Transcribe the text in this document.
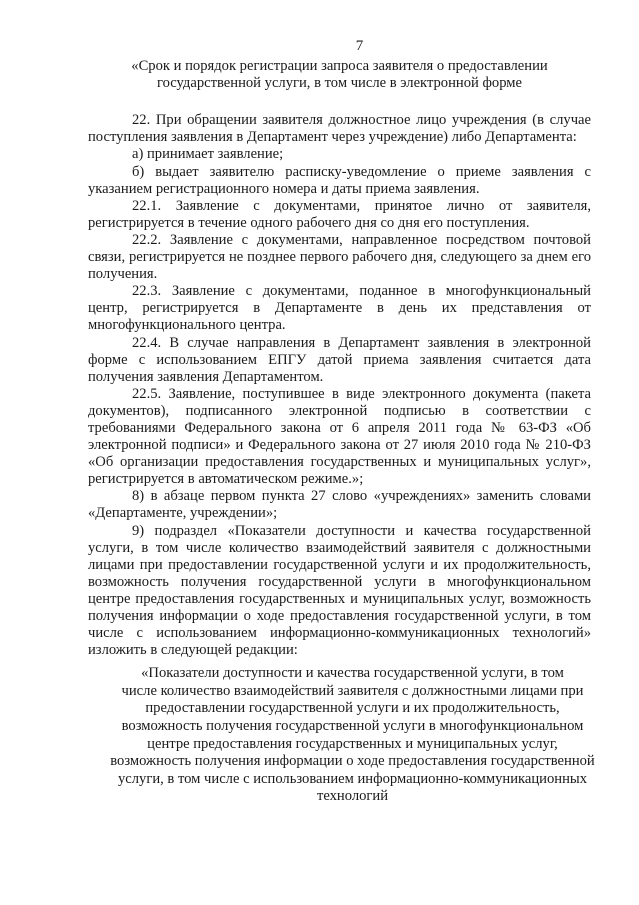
7
«Срок и порядок регистрации запроса заявителя о предоставлении
государственной услуги, в том числе в электронной форме

22. При обращении заявителя должностное лицо учреждения (в случае поступления заявления в Департамент через учреждение) либо Департамента:

а) принимает заявление;

б) выдает заявителю расписку-уведомление о приеме заявления с указанием регистрационного номера и даты приема заявления.

22.1. Заявление с документами, принятое лично от заявителя, регистрируется в течение одного рабочего дня со дня его поступления.

22.2. Заявление с документами, направленное посредством почтовой связи, регистрируется не позднее первого рабочего дня, следующего за днем его получения.

22.3. Заявление с документами, поданное в многофункциональный центр, регистрируется в Департаменте в день их представления от многофункционального центра.

22.4. В случае направления в Департамент заявления в электронной форме с использованием ЕПГУ датой приема заявления считается дата получения заявления Департаментом.

22.5. Заявление, поступившее в виде электронного документа (пакета документов), подписанного электронной подписью в соответствии с требованиями Федерального закона от 6 апреля 2011 года № 63-ФЗ «Об электронной подписи» и Федерального закона от 27 июля 2010 года № 210-ФЗ «Об организации предоставления государственных и муниципальных услуг», регистрируется в автоматическом режиме.»;

8) в абзаце первом пункта 27 слово «учреждениях» заменить словами «Департаменте, учреждении»;

9) подраздел «Показатели доступности и качества государственной услуги, в том числе количество взаимодействий заявителя с должностными лицами при предоставлении государственной услуги и их продолжительность, возможность получения государственной услуги в многофункциональном центре предоставления государственных и муниципальных услуг, возможность получения информации о ходе предоставления государственной услуги, в том числе с использованием информационно-коммуникационных технологий» изложить в следующей редакции:

«Показатели доступности и качества государственной услуги, в том
числе количество взаимодействий заявителя с должностными лицами при
предоставлении государственной услуги и их продолжительность,
возможность получения государственной услуги в многофункциональном
центре предоставления государственных и муниципальных услуг,
возможность получения информации о ходе предоставления государственной
услуги, в том числе с использованием информационно-коммуникационных
технологий
